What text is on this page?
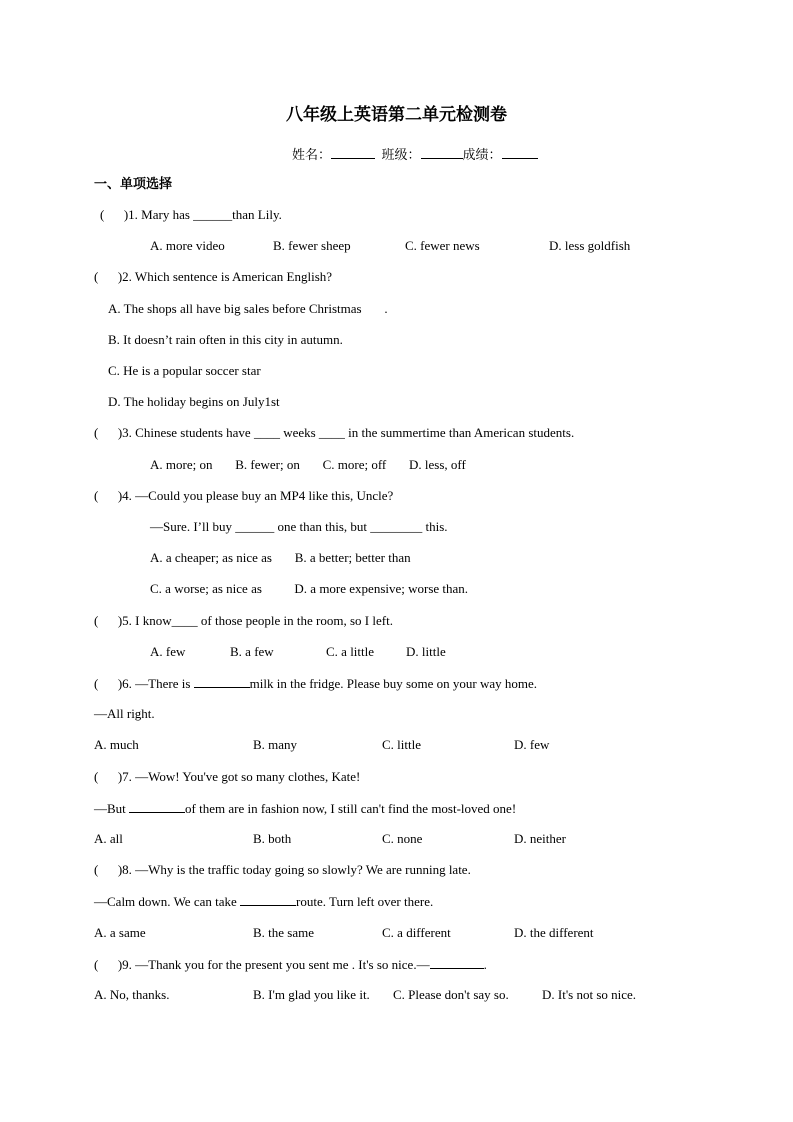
八年级上英语第二单元检测卷
姓名：	班级：	成绩：
一、单项选择
(      )1. Mary has ______than Lily.
A. more video	B. fewer sheep	C. fewer news	D. less goldfish
(      )2. Which sentence is American English?
A. The shops all have big sales before Christmas       .
B. It doesn’t rain often in this city in autumn.
C. He is a popular soccer star
D. The holiday begins on July1st
(      )3. Chinese students have ____ weeks ____ in the summertime than American students.
A. more; on       B. fewer; on       C. more; off       D. less, off
(      )4. —Could you please buy an MP4 like this, Uncle?
—Sure. I’ll buy ______ one than this, but ________ this.
A. a cheaper; as nice as       B. a better; better than
C. a worse; as nice as          D. a more expensive; worse than.
(      )5. I know____ of those people in the room, so I left.
A. few	B. a few	C. a little D. little
(      )6. —There is	milk in the fridge. Please buy some on your way home.
—All right.
A. much	B. many	C. little	D. few
(      )7. —Wow! You've got so many clothes, Kate!
—But	of them are in fashion now, I still can't find the most-loved one!
A. all	B. both	C. none	D. neither
(      )8. —Why is the traffic today going so slowly? We are running late.
—Calm down. We can take	route. Turn left over there.
A. a same	B. the same	C. a different	D. the different
(      )9. —Thank you for the present you sent me . It's so nice.—	.
A. No, thanks.	B. I'm glad you like it. C. Please don't say so.	D. It's not so nice.
